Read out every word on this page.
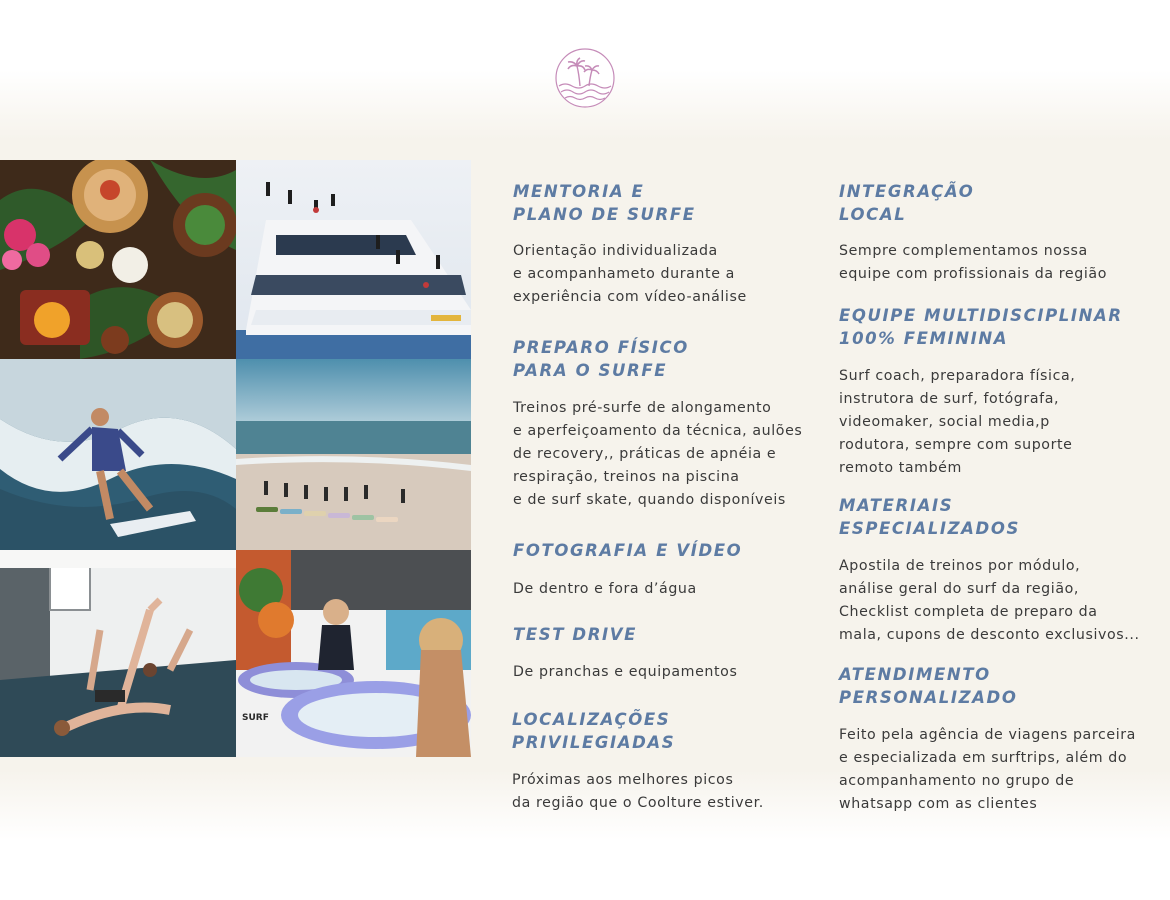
SURF
MENTORIA E
PLANO DE SURFE

Orientação individualizada
e acompanhameto durante a
experiência com vídeo-análise

PREPARO FÍSICO
PARA O SURFE

Treinos pré-surfe de alongamento
e aperfeiçoamento da técnica, aulões
de recovery,, práticas de apnéia e
respiração, treinos na piscina
e de surf skate, quando disponíveis

FOTOGRAFIA E VÍDEO

De dentro e fora d’água

TEST DRIVE

De pranchas e equipamentos

LOCALIZAÇÕES
PRIVILEGIADAS

Próximas aos melhores picos
da região que o Coolture estiver.

INTEGRAÇÃO
LOCAL

Sempre complementamos nossa
equipe com profissionais da região

EQUIPE MULTIDISCIPLINAR
100% FEMININA

Surf coach, preparadora física,
instrutora de surf, fotógrafa,
videomaker, social media,p
rodutora, sempre com suporte
remoto também

MATERIAIS
ESPECIALIZADOS

Apostila de treinos por módulo,
análise geral do surf da região,
Checklist completa de preparo da
mala, cupons de desconto exclusivos...

ATENDIMENTO
PERSONALIZADO

Feito pela agência de viagens parceira
e especializada em surftrips, além do
acompanhamento no grupo de
whatsapp com as clientes
